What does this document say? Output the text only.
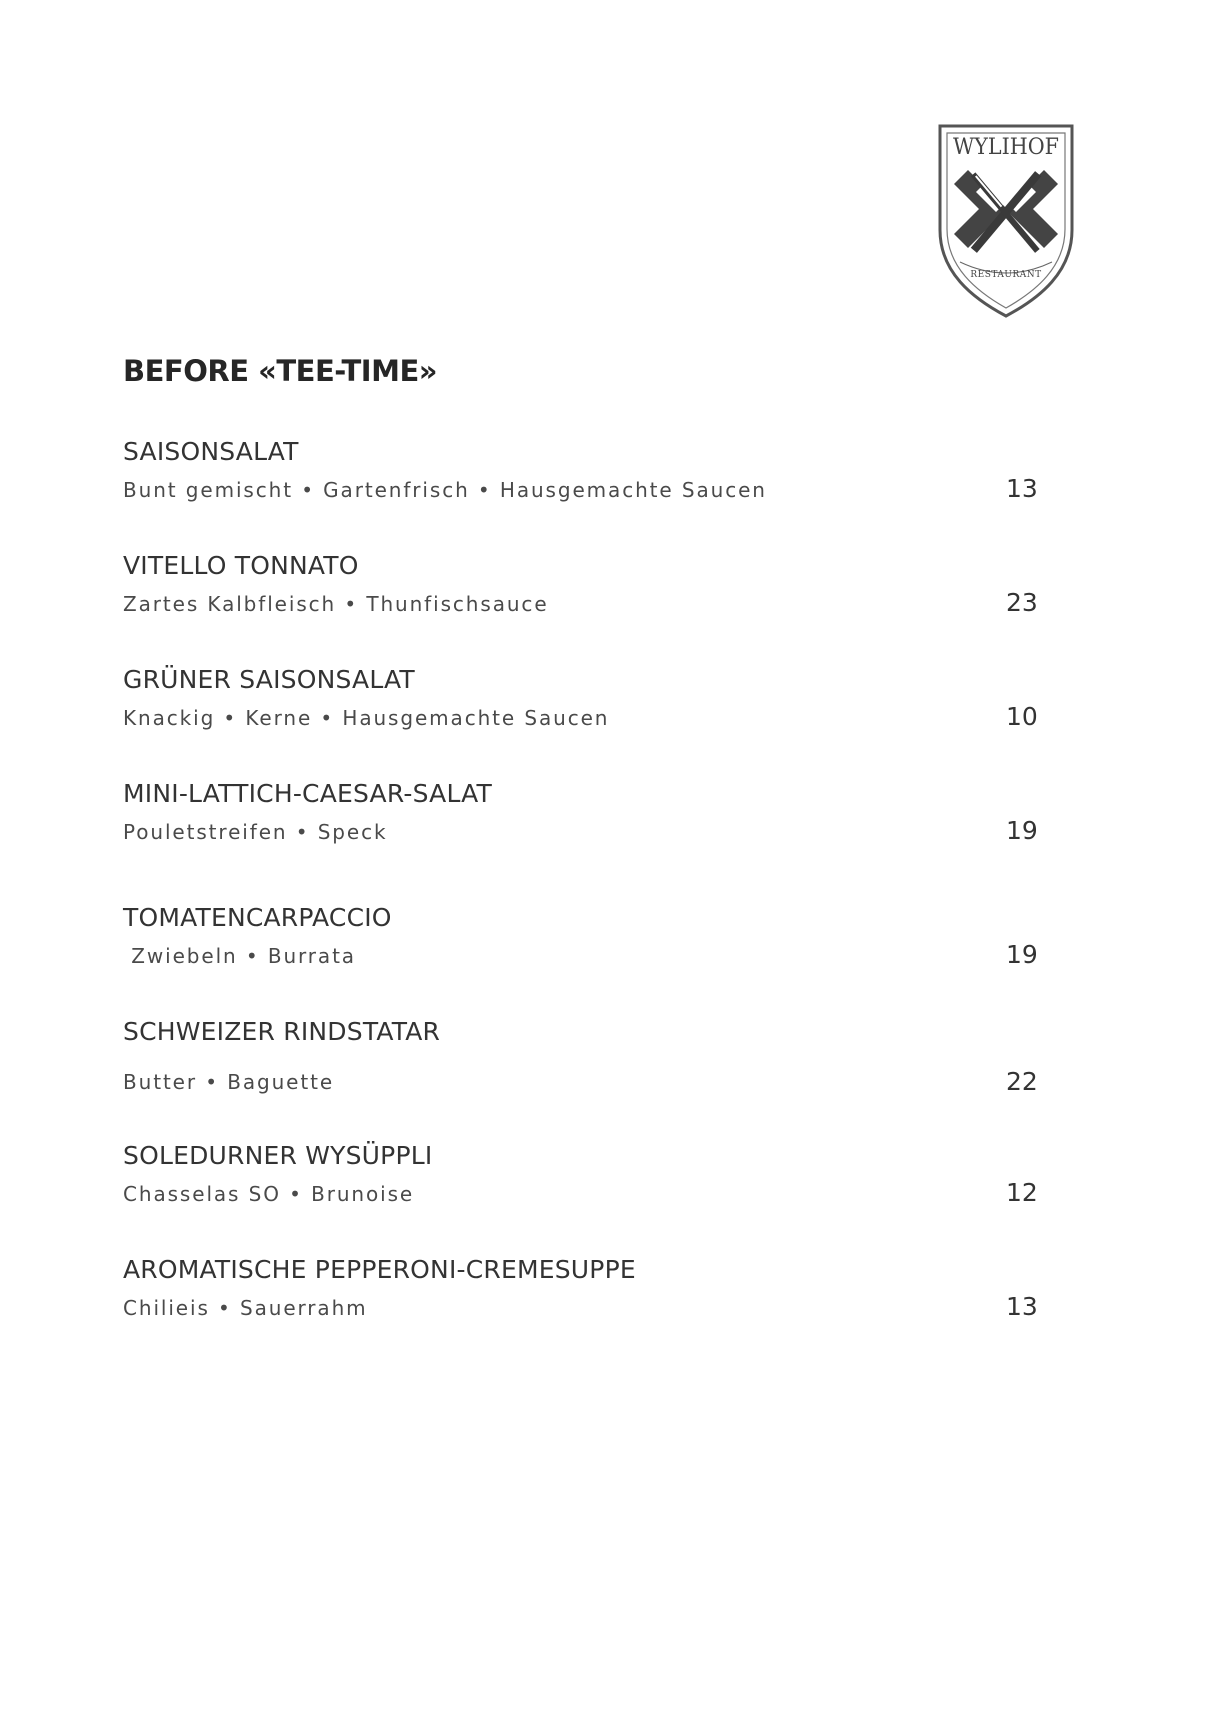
WYLIHOF
RESTAURANT
BEFORE «TEE-TIME»
SAISONSALAT
Bunt gemischt • Gartenfrisch • Hausgemachte Saucen	13
VITELLO TONNATO
Zartes Kalbfleisch • Thunfischsauce	23
GRÜNER SAISONSALAT
Knackig • Kerne • Hausgemachte Saucen	10
MINI-LATTICH-CAESAR-SALAT
Pouletstreifen • Speck	19
TOMATENCARPACCIO
Zwiebeln • Burrata	19
SCHWEIZER RINDSTATAR
Butter • Baguette	22
SOLEDURNER WYSÜPPLI
Chasselas SO • Brunoise	12
AROMATISCHE PEPPERONI-CREMESUPPE
Chilieis • Sauerrahm	13
